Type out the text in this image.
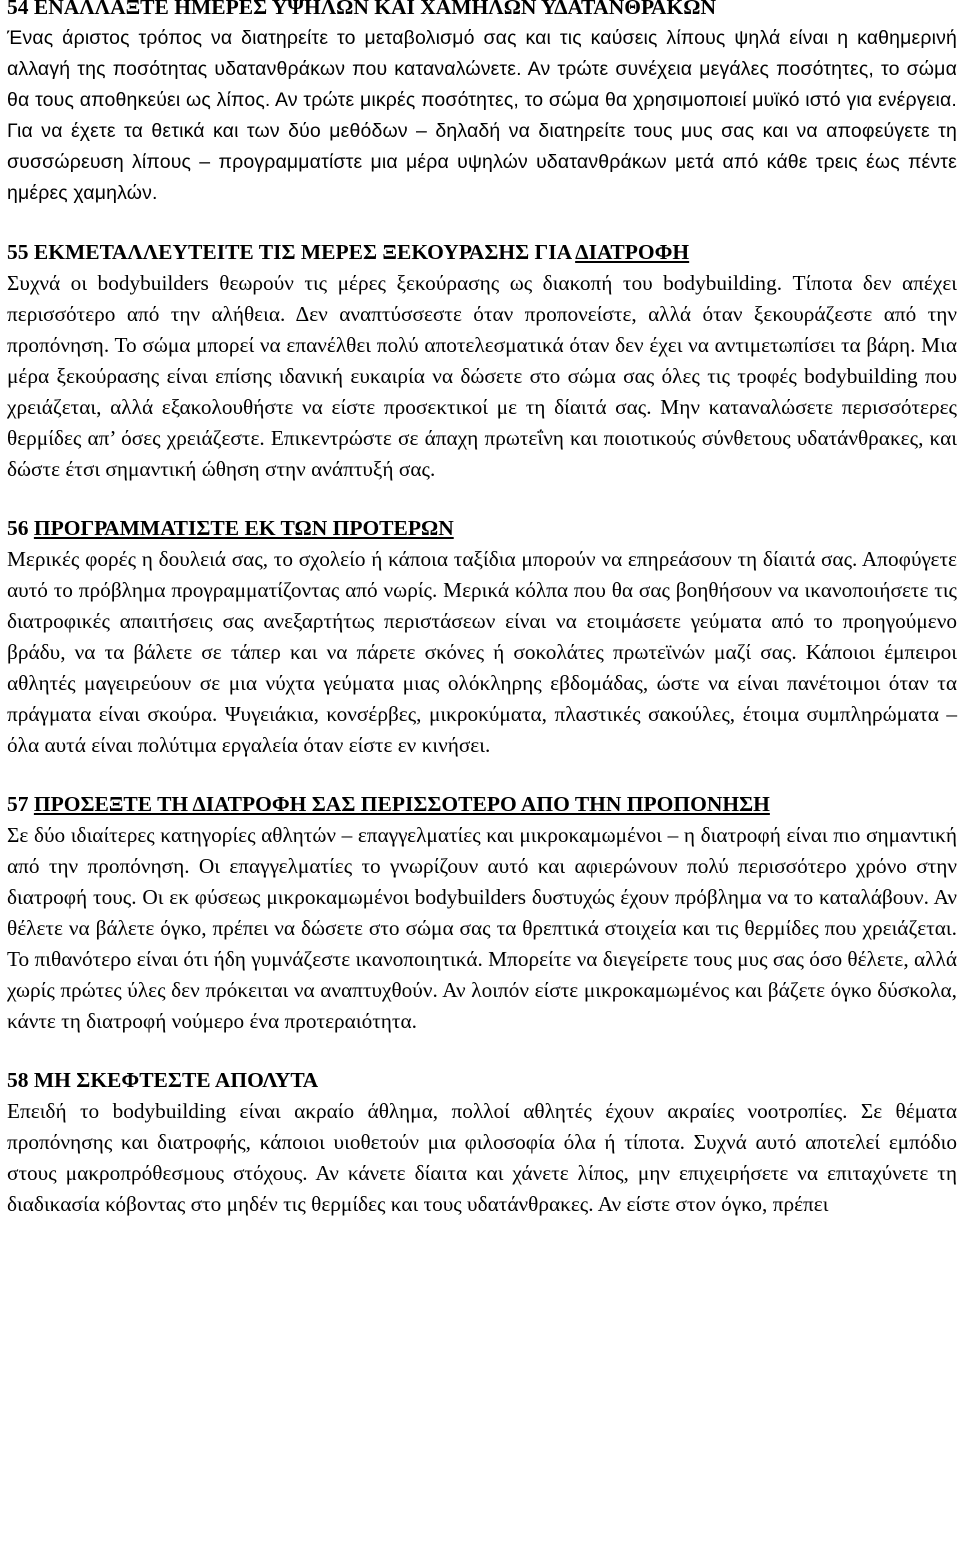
54 ΕΝΑΛΛΑΞΤΕ ΗΜΕΡΕΣ ΥΨΗΛΩΝ ΚΑΙ ΧΑΜΗΛΩΝ ΥΔΑΤΑΝΘΡΑΚΩΝ

Ένας άριστος τρόπος να διατηρείτε το μεταβολισμό σας και τις καύσεις λίπους ψηλά είναι η καθημερινή αλλαγή της ποσότητας υδατανθράκων που καταναλώνετε. Αν τρώτε συνέχεια μεγάλες ποσότητες, το σώμα θα τους αποθηκεύει ως λίπος. Αν τρώτε μικρές ποσότητες, το σώμα θα χρησιμοποιεί μυϊκό ιστό για ενέργεια. Για να έχετε τα θετικά και των δύο μεθόδων – δηλαδή να διατηρείτε τους μυς σας και να αποφεύγετε τη συσσώρευση λίπους – προγραμματίστε μια μέρα υψηλών υδατανθράκων μετά από κάθε τρεις έως πέντε ημέρες χαμηλών.

55 ΕΚΜΕΤΑΛΛΕΥΤΕΙΤΕ ΤΙΣ ΜΕΡΕΣ ΞΕΚΟΥΡΑΣΗΣ ΓΙΑ ΔΙΑΤΡΟΦΗ

Συχνά οι bodybuilders θεωρούν τις μέρες ξεκούρασης ως διακοπή του bodybuilding. Τίποτα δεν απέχει περισσότερο από την αλήθεια. Δεν αναπτύσσεστε όταν προπονείστε, αλλά όταν ξεκουράζεστε από την προπόνηση. Το σώμα μπορεί να επανέλθει πολύ αποτελεσματικά όταν δεν έχει να αντιμετωπίσει τα βάρη. Μια μέρα ξεκούρασης είναι επίσης ιδανική ευκαιρία να δώσετε στο σώμα σας όλες τις τροφές bodybuilding που χρειάζεται, αλλά εξακολουθήστε να είστε προσεκτικοί με τη δίαιτά σας. Μην καταναλώσετε περισσότερες θερμίδες απ’ όσες χρειάζεστε. Επικεντρώστε σε άπαχη πρωτεΐνη και ποιοτικούς σύνθετους υδατάνθρακες, και δώστε έτσι σημαντική ώθηση στην ανάπτυξή σας.

56 ΠΡΟΓΡΑΜΜΑΤΙΣΤΕ ΕΚ ΤΩΝ ΠΡΟΤΕΡΩΝ

Μερικές φορές η δουλειά σας, το σχολείο ή κάποια ταξίδια μπορούν να επηρεάσουν τη δίαιτά σας. Αποφύγετε αυτό το πρόβλημα προγραμματίζοντας από νωρίς. Μερικά κόλπα που θα σας βοηθήσουν να ικανοποιήσετε τις διατροφικές απαιτήσεις σας ανεξαρτήτως περιστάσεων είναι να ετοιμάσετε γεύματα από το προηγούμενο βράδυ, να τα βάλετε σε τάπερ και να πάρετε σκόνες ή σοκολάτες πρωτεϊνών μαζί σας. Κάποιοι έμπειροι αθλητές μαγειρεύουν σε μια νύχτα γεύματα μιας ολόκληρης εβδομάδας, ώστε να είναι πανέτοιμοι όταν τα πράγματα είναι σκούρα. Ψυγειάκια, κονσέρβες, μικροκύματα, πλαστικές σακούλες, έτοιμα συμπληρώματα – όλα αυτά είναι πολύτιμα εργαλεία όταν είστε εν κινήσει.

57 ΠΡΟΣΕΞΤΕ ΤΗ ΔΙΑΤΡΟΦΗ ΣΑΣ ΠΕΡΙΣΣΟΤΕΡΟ ΑΠΟ ΤΗΝ ΠΡΟΠΟΝΗΣΗ

Σε δύο ιδιαίτερες κατηγορίες αθλητών – επαγγελματίες και μικροκαμωμένοι – η διατροφή είναι πιο σημαντική από την προπόνηση. Οι επαγγελματίες το γνωρίζουν αυτό και αφιερώνουν πολύ περισσότερο χρόνο στην διατροφή τους. Οι εκ φύσεως μικροκαμωμένοι bodybuilders δυστυχώς έχουν πρόβλημα να το καταλάβουν. Αν θέλετε να βάλετε όγκο, πρέπει να δώσετε στο σώμα σας τα θρεπτικά στοιχεία και τις θερμίδες που χρειάζεται. Το πιθανότερο είναι ότι ήδη γυμνάζεστε ικανοποιητικά. Μπορείτε να διεγείρετε τους μυς σας όσο θέλετε, αλλά χωρίς πρώτες ύλες δεν πρόκειται να αναπτυχθούν. Αν λοιπόν είστε μικροκαμωμένος και βάζετε όγκο δύσκολα, κάντε τη διατροφή νούμερο ένα προτεραιότητα.

58 ΜΗ ΣΚΕΦΤΕΣΤΕ ΑΠΟΛΥΤΑ

Επειδή το bodybuilding είναι ακραίο άθλημα, πολλοί αθλητές έχουν ακραίες νοοτροπίες. Σε θέματα προπόνησης και διατροφής, κάποιοι υιοθετούν μια φιλοσοφία όλα ή τίποτα. Συχνά αυτό αποτελεί εμπόδιο στους μακροπρόθεσμους στόχους. Αν κάνετε δίαιτα και χάνετε λίπος, μην επιχειρήσετε να επιταχύνετε τη διαδικασία κόβοντας στο μηδέν τις θερμίδες και τους υδατάνθρακες. Αν είστε στον όγκο, πρέπει
